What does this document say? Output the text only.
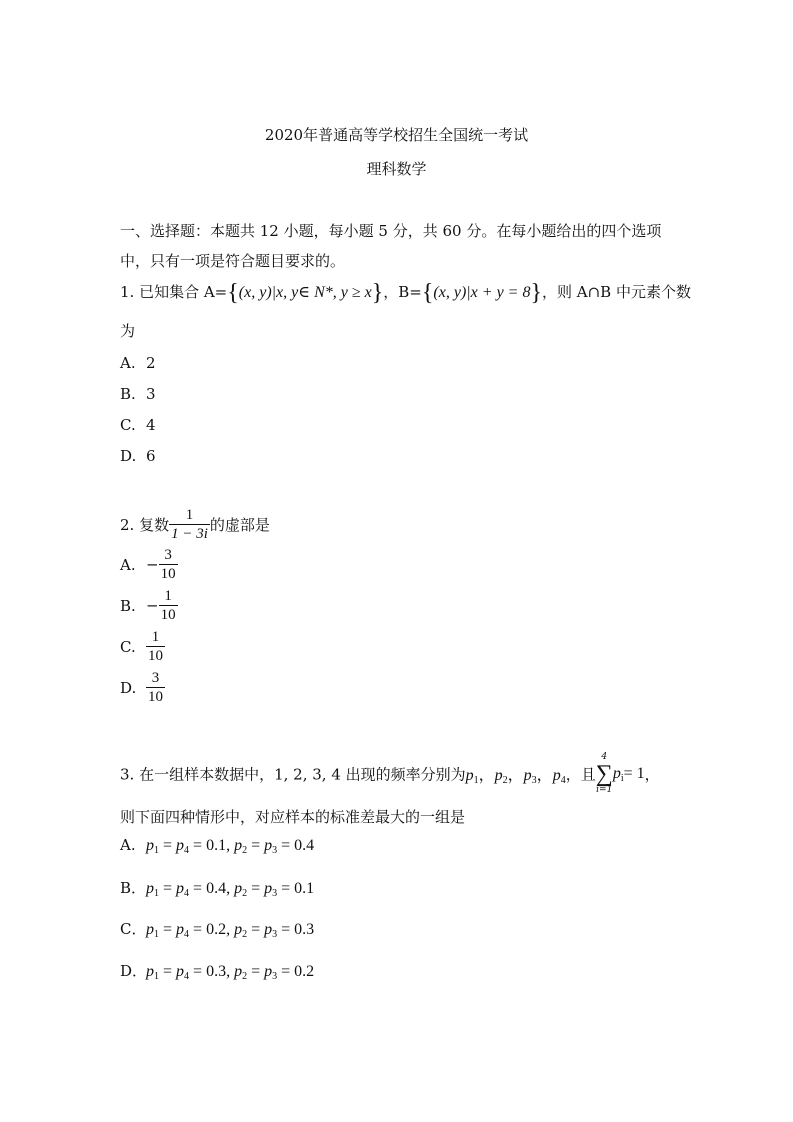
2020年普通高等学校招生全国统一考试
理科数学
一、选择题：本题共 12 小题，每小题 5 分，共 60 分。在每小题给出的四个选项
中，只有一项是符合题目要求的。
1. 已知集合 A={(x, y)|x, y∈ N*, y ≥ x}，B={(x, y)|x + y = 8}，则 A∩B 中元素个数
为
A. 2
B. 3
C. 4
D. 6
2. 复数 $\frac{1}{1 - 3i}$ 的虚部是
A. − $\frac{3}{10}$
B. − $\frac{1}{10}$
C. $\frac{1}{10}$
D. $\frac{3}{10}$
3. 在一组样本数据中，1, 2, 3, 4 出现的频率分别为$p_1$，$p_2$，$p_3$，$p_4$，且
4
∑
i=1
$p_i= 1$，
则下面四种情形中，对应样本的标准差最大的一组是
A. $p_1 = p_4 = 0.1$, $p_2 = p_3 = 0.4$
B．$p_1 = p_4 = 0.4$, $p_2 = p_3 = 0.1$
C．$p_1 = p_4 = 0.2$, $p_2 = p_3 = 0.3$
D．$p_1 = p_4 = 0.3$, $p_2 = p_3 = 0.2$
